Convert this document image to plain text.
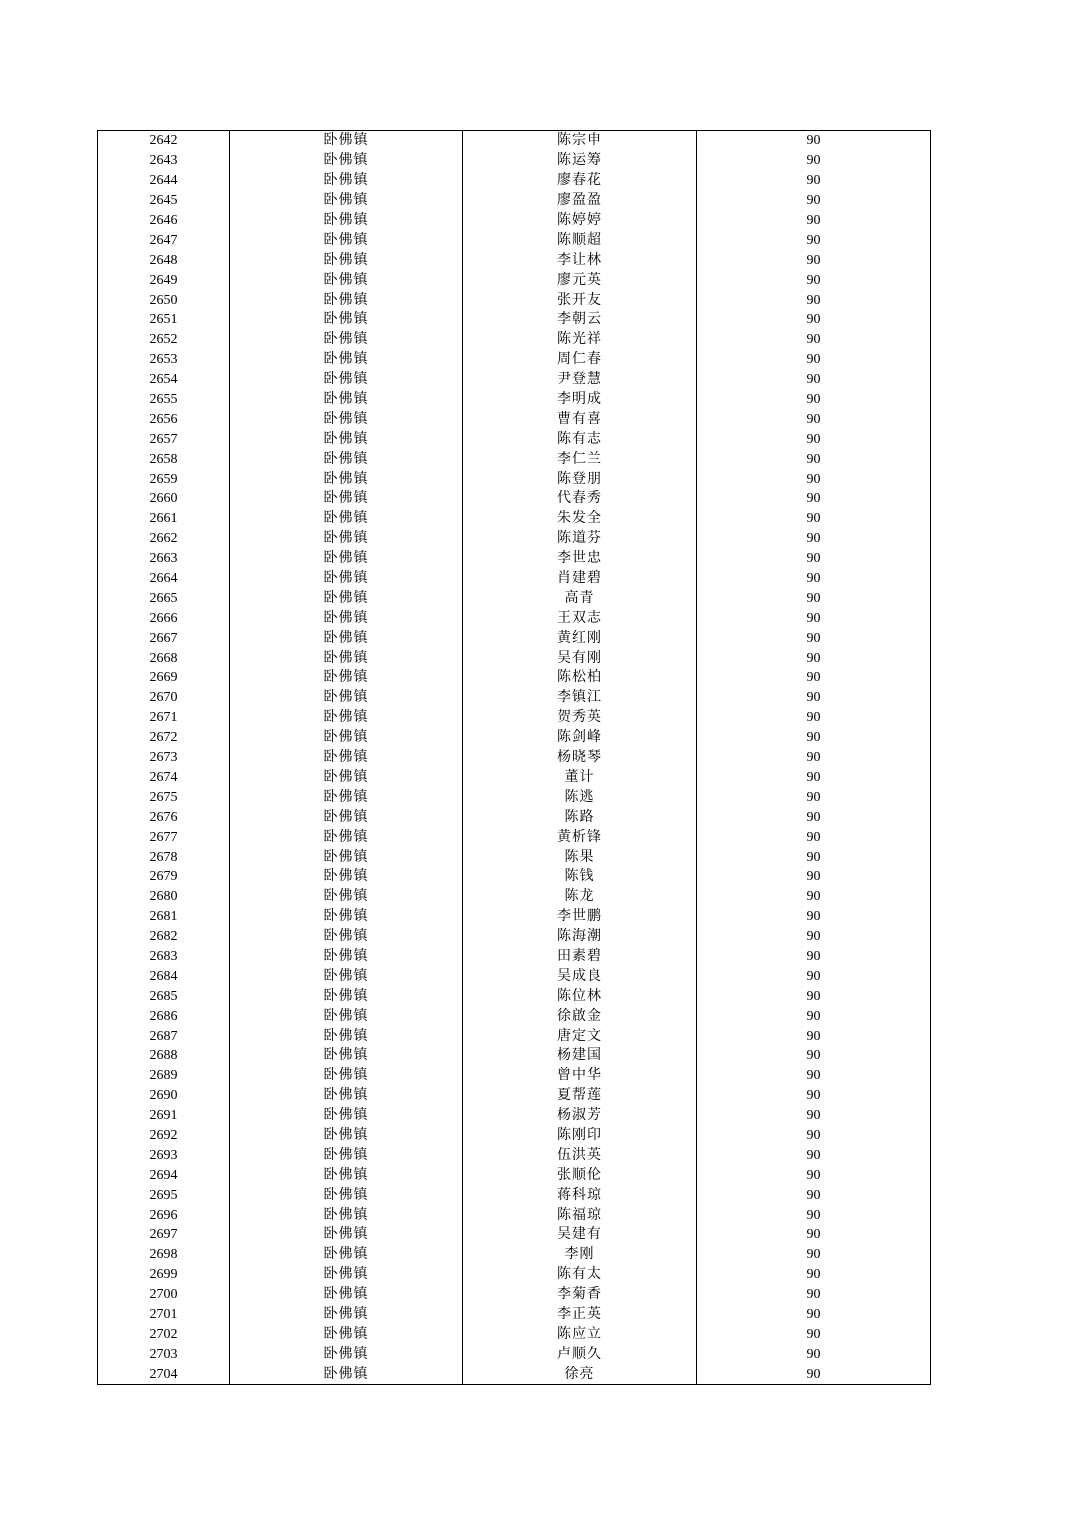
2642	卧佛镇	陈宗申	90
2643	卧佛镇	陈运筹	90
2644	卧佛镇	廖春花	90
2645	卧佛镇	廖盈盈	90
2646	卧佛镇	陈婷婷	90
2647	卧佛镇	陈顺超	90
2648	卧佛镇	李让林	90
2649	卧佛镇	廖元英	90
2650	卧佛镇	张开友	90
2651	卧佛镇	李朝云	90
2652	卧佛镇	陈光祥	90
2653	卧佛镇	周仁春	90
2654	卧佛镇	尹登慧	90
2655	卧佛镇	李明成	90
2656	卧佛镇	曹有喜	90
2657	卧佛镇	陈有志	90
2658	卧佛镇	李仁兰	90
2659	卧佛镇	陈登朋	90
2660	卧佛镇	代春秀	90
2661	卧佛镇	朱发全	90
2662	卧佛镇	陈道芬	90
2663	卧佛镇	李世忠	90
2664	卧佛镇	肖建碧	90
2665	卧佛镇	高青	90
2666	卧佛镇	王双志	90
2667	卧佛镇	黄红刚	90
2668	卧佛镇	吴有刚	90
2669	卧佛镇	陈松柏	90
2670	卧佛镇	李镇江	90
2671	卧佛镇	贺秀英	90
2672	卧佛镇	陈剑峰	90
2673	卧佛镇	杨晓琴	90
2674	卧佛镇	董计	90
2675	卧佛镇	陈逃	90
2676	卧佛镇	陈路	90
2677	卧佛镇	黄析锋	90
2678	卧佛镇	陈果	90
2679	卧佛镇	陈钱	90
2680	卧佛镇	陈龙	90
2681	卧佛镇	李世鹏	90
2682	卧佛镇	陈海潮	90
2683	卧佛镇	田素碧	90
2684	卧佛镇	吴成良	90
2685	卧佛镇	陈位林	90
2686	卧佛镇	徐啟金	90
2687	卧佛镇	唐定文	90
2688	卧佛镇	杨建国	90
2689	卧佛镇	曾中华	90
2690	卧佛镇	夏帮莲	90
2691	卧佛镇	杨淑芳	90
2692	卧佛镇	陈刚印	90
2693	卧佛镇	伍洪英	90
2694	卧佛镇	张顺伦	90
2695	卧佛镇	蒋科琼	90
2696	卧佛镇	陈福琼	90
2697	卧佛镇	吴建有	90
2698	卧佛镇	李刚	90
2699	卧佛镇	陈有太	90
2700	卧佛镇	李菊香	90
2701	卧佛镇	李正英	90
2702	卧佛镇	陈应立	90
2703	卧佛镇	卢顺久	90
2704	卧佛镇	徐亮	90
